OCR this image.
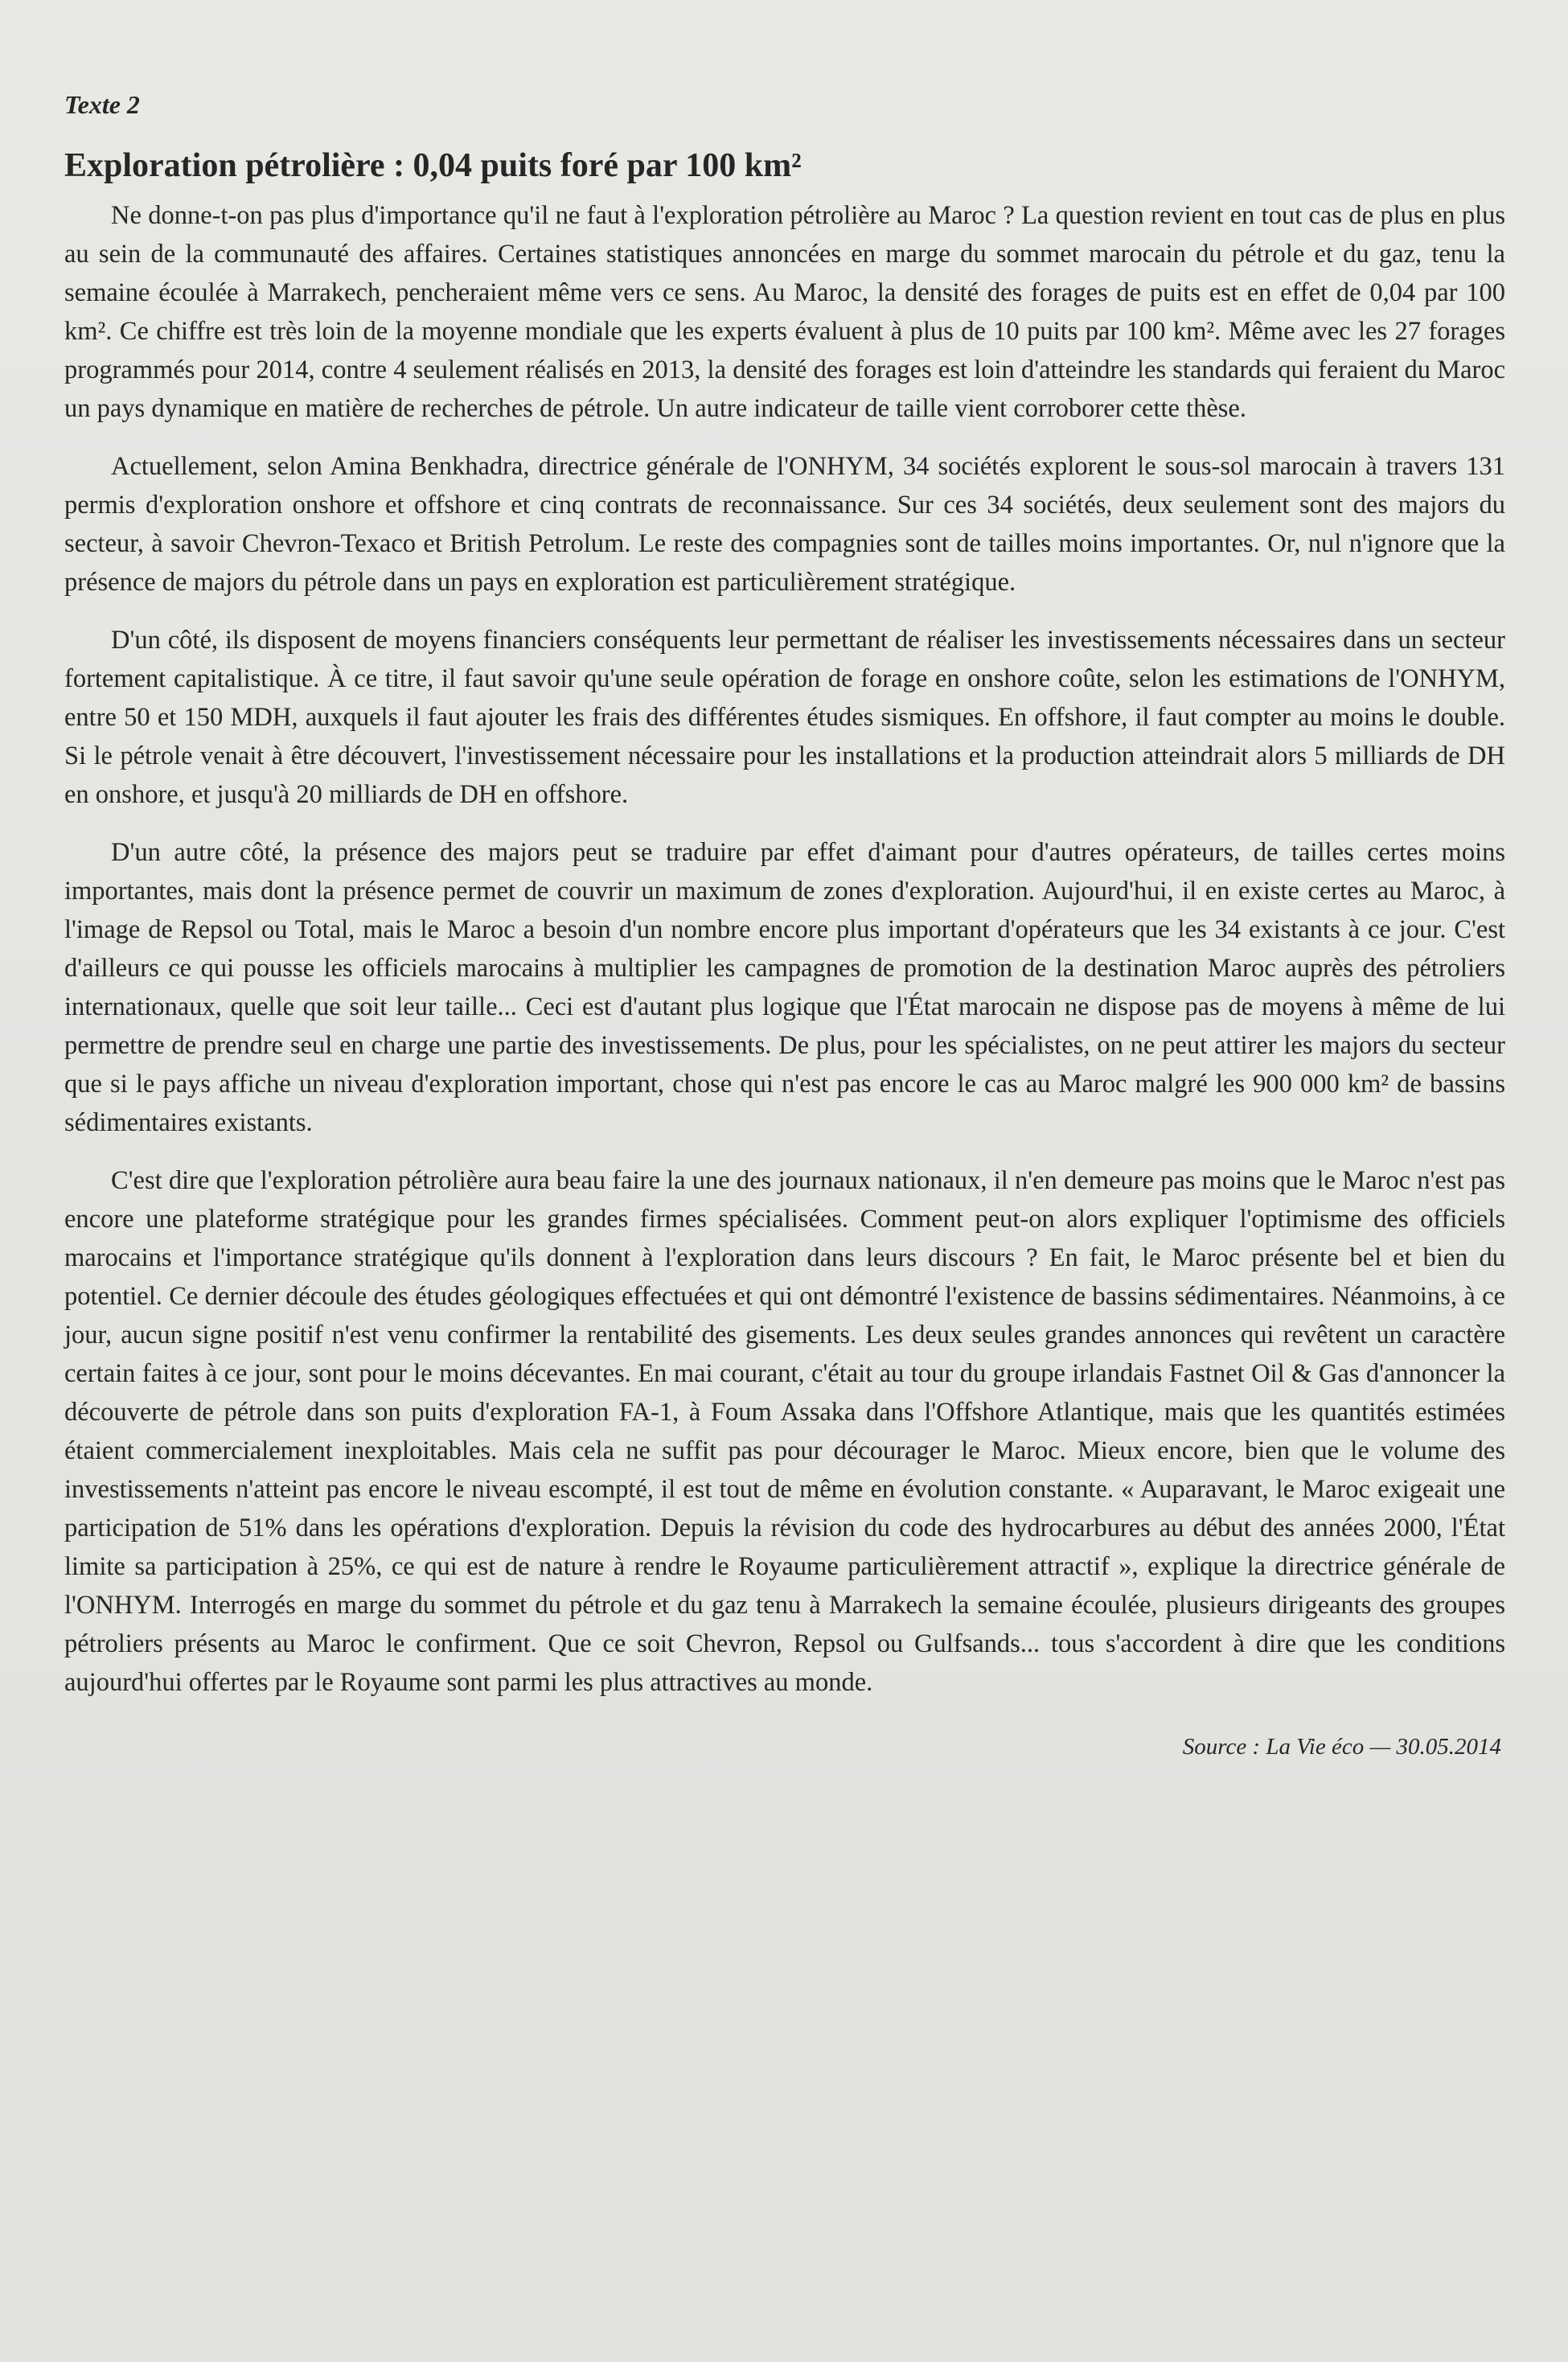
Texte 2
Exploration pétrolière : 0,04 puits foré par 100 km²

Ne donne-t-on pas plus d'importance qu'il ne faut à l'exploration pétrolière au Maroc ? La question revient en tout cas de plus en plus au sein de la communauté des affaires. Certaines statistiques annoncées en marge du sommet marocain du pétrole et du gaz, tenu la semaine écoulée à Marrakech, pencheraient même vers ce sens. Au Maroc, la densité des forages de puits est en effet de 0,04 par 100 km². Ce chiffre est très loin de la moyenne mondiale que les experts évaluent à plus de 10 puits par 100 km². Même avec les 27 forages programmés pour 2014, contre 4 seulement réalisés en 2013, la densité des forages est loin d'atteindre les standards qui feraient du Maroc un pays dynamique en matière de recherches de pétrole. Un autre indicateur de taille vient corroborer cette thèse.

Actuellement, selon Amina Benkhadra, directrice générale de l'ONHYM, 34 sociétés explorent le sous-sol marocain à travers 131 permis d'exploration onshore et offshore et cinq contrats de reconnaissance. Sur ces 34 sociétés, deux seulement sont des majors du secteur, à savoir Chevron-Texaco et British Petrolum. Le reste des compagnies sont de tailles moins importantes. Or, nul n'ignore que la présence de majors du pétrole dans un pays en exploration est particulièrement stratégique.

D'un côté, ils disposent de moyens financiers conséquents leur permettant de réaliser les investissements nécessaires dans un secteur fortement capitalistique. À ce titre, il faut savoir qu'une seule opération de forage en onshore coûte, selon les estimations de l'ONHYM, entre 50 et 150 MDH, auxquels il faut ajouter les frais des différentes études sismiques. En offshore, il faut compter au moins le double. Si le pétrole venait à être découvert, l'investissement nécessaire pour les installations et la production atteindrait alors 5 milliards de DH en onshore, et jusqu'à 20 milliards de DH en offshore.

D'un autre côté, la présence des majors peut se traduire par effet d'aimant pour d'autres opérateurs, de tailles certes moins importantes, mais dont la présence permet de couvrir un maximum de zones d'exploration. Aujourd'hui, il en existe certes au Maroc, à l'image de Repsol ou Total, mais le Maroc a besoin d'un nombre encore plus important d'opérateurs que les 34 existants à ce jour. C'est d'ailleurs ce qui pousse les officiels marocains à multiplier les campagnes de promotion de la destination Maroc auprès des pétroliers internationaux, quelle que soit leur taille... Ceci est d'autant plus logique que l'État marocain ne dispose pas de moyens à même de lui permettre de prendre seul en charge une partie des investissements. De plus, pour les spécialistes, on ne peut attirer les majors du secteur que si le pays affiche un niveau d'exploration important, chose qui n'est pas encore le cas au Maroc malgré les 900 000 km² de bassins sédimentaires existants.

C'est dire que l'exploration pétrolière aura beau faire la une des journaux nationaux, il n'en demeure pas moins que le Maroc n'est pas encore une plateforme stratégique pour les grandes firmes spécialisées. Comment peut-on alors expliquer l'optimisme des officiels marocains et l'importance stratégique qu'ils donnent à l'exploration dans leurs discours ? En fait, le Maroc présente bel et bien du potentiel. Ce dernier découle des études géologiques effectuées et qui ont démontré l'existence de bassins sédimentaires. Néanmoins, à ce jour, aucun signe positif n'est venu confirmer la rentabilité des gisements. Les deux seules grandes annonces qui revêtent un caractère certain faites à ce jour, sont pour le moins décevantes. En mai courant, c'était au tour du groupe irlandais Fastnet Oil & Gas d'annoncer la découverte de pétrole dans son puits d'exploration FA-1, à Foum Assaka dans l'Offshore Atlantique, mais que les quantités estimées étaient commercialement inexploitables. Mais cela ne suffit pas pour décourager le Maroc. Mieux encore, bien que le volume des investissements n'atteint pas encore le niveau escompté, il est tout de même en évolution constante. « Auparavant, le Maroc exigeait une participation de 51% dans les opérations d'exploration. Depuis la révision du code des hydrocarbures au début des années 2000, l'État limite sa participation à 25%, ce qui est de nature à rendre le Royaume particulièrement attractif », explique la directrice générale de l'ONHYM. Interrogés en marge du sommet du pétrole et du gaz tenu à Marrakech la semaine écoulée, plusieurs dirigeants des groupes pétroliers présents au Maroc le confirment. Que ce soit Chevron, Repsol ou Gulfsands... tous s'accordent à dire que les conditions aujourd'hui offertes par le Royaume sont parmi les plus attractives au monde.

Source : La Vie éco — 30.05.2014
